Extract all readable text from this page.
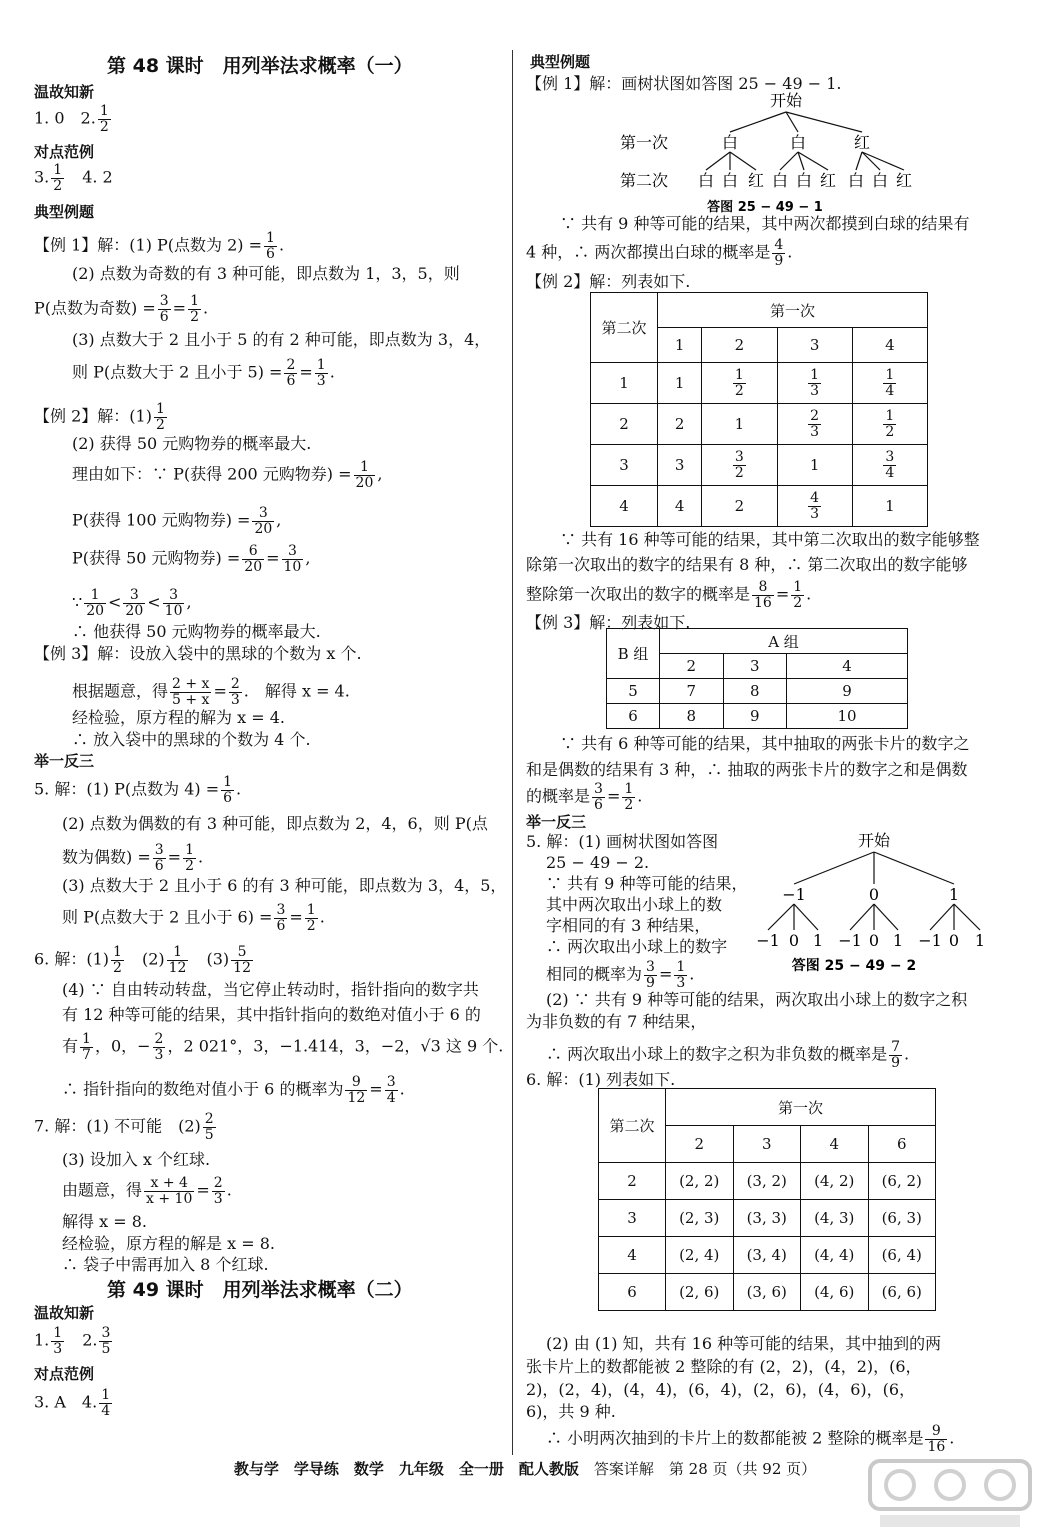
第 48 课时　用列举法求概率（一）
温故知新
1. 0　2. $\frac{1}{2}$
对点范例
3. $\frac{1}{2}$
　 4. 2
典型例题
【例 1】解：(1) P(点数为 $2) = \frac{1}{6}$ .
(2) 点数为奇数的有 3 种可能，即点数为 1，3，5，则
P(点数为奇数) = $\frac{3}{6} = \frac{1}{2}$ .
(3) 点数大于 2 且小于 5 的有 2 种可能，即点数为 3，4，
则 P(点数大于 2 且小于 $5) = \frac{2}{6} = \frac{1}{3}$ .
【例 2】解：$(1) \frac{1}{2}$
(2) 获得 50 元购物券的概率最大.
理由如下：∵ P(获得 200 元购物券) = $\frac{1}{20}$ ,
P(获得 100 元购物券) = $\frac{3}{20}$ ,
P(获得 50 元购物券) = $\frac{6}{20} = \frac{3}{10}$ ,
∵ $\frac{1}{20} < \frac{3}{20} < \frac{3}{10}$ ,
∴ 他获得 50 元购物券的概率最大.
【例 3】解：设放入袋中的黑球的个数为 x 个.
根据题意，得 $\frac{2 + x}{5 + x} = \frac{2}{3}$ .　解得 x = 4.
经检验，原方程的解为 x = 4.
∴ 放入袋中的黑球的个数为 4 个.
举一反三
5. 解：(1) P(点数为 $4) = \frac{1}{6}$ .
(2) 点数为偶数的有 3 种可能，即点数为 2，4，6，则 P(点
数为偶数) = $\frac{3}{6} = \frac{1}{2}$ .
(3) 点数大于 2 且小于 6 的有 3 种可能，即点数为 3，4，5，
则 P(点数大于 2 且小于 $6) = \frac{3}{6} = \frac{1}{2}$ .
6. 解：$(1) \frac{1}{2}$
　 $(2) \frac{1}{12}$
　 $(3) \frac{5}{12}$
(4) ∵ 自由转动转盘，当它停止转动时，指针指向的数字共
有 12 种等可能的结果，其中指针指向的数绝对值小于 6 的
有 $\frac{1}{7}$ ，0，− $\frac{2}{3}$ ，2 021°，3，−1.414，3，−2，√3 这 9 个.
∴ 指针指向的数绝对值小于 6 的概率为 $\frac{9}{12} = \frac{3}{4}$ .
7. 解：(1) 不可能　$(2) \frac{2}{5}$
(3) 设加入 x 个红球.
由题意，得 $\frac{x + 4}{x + 10} = \frac{2}{3}$ .
解得 x = 8.
经检验，原方程的解是 x = 8.
∴ 袋子中需再加入 8 个红球.
第 49 课时　用列举法求概率（二）
温故知新
1. $\frac{1}{3}$
　 2. $\frac{3}{5}$
对点范例
3. A　4. $\frac{1}{4}$
典型例题
【例 1】解：画树状图如答图 25 − 49 − 1.
开始
第一次
第二次
白
白 白 红
白
白 白 红
红
白 白 红
答图 25 − 49 − 1
∵ 共有 9 种等可能的结果，其中两次都摸到白球的结果有
4 种，∴ 两次都摸出白球的概率是 $\frac{4}{9}$ .
【例 2】解：列表如下.
第二次	第一次			
	1	2	3	4
1	1	$\frac{1}{2}$	$\frac{1}{3}$	$\frac{1}{4}$

2	2	1	$\frac{2}{3}$	$\frac{1}{2}$

3	3	$\frac{3}{2}$	1	$\frac{3}{4}$

4	4	2	$\frac{4}{3}$	1
∵ 共有 16 种等可能的结果，其中第二次取出的数字能够整
除第一次取出的数字的结果有 8 种，∴ 第二次取出的数字能够
整除第一次取出的数字的概率是 $\frac{8}{16} = \frac{1}{2}$ .
【例 3】解：列表如下.
B 组	A 组		
	2	3	4
5	7	8	9
6	8	9	10
∵ 共有 6 种等可能的结果，其中抽取的两张卡片的数字之
和是偶数的结果有 3 种，∴ 抽取的两张卡片的数字之和是偶数
的概率是 $\frac{3}{6} = \frac{1}{2}$ .
举一反三
5. 解：(1) 画树状图如答图
25 − 49 − 2.
∵ 共有 9 种等可能的结果，
其中两次取出小球上的数
字相同的有 3 种结果，
∴ 两次取出小球上的数字
相同的概率为 $\frac{3}{9} = \frac{1}{3}$ .
开始
−1
−1 0 1
0
−1 0 1
1
−1 0 1
答图 25 − 49 − 2
(2) ∵ 共有 9 种等可能的结果，两次取出小球上的数字之积
为非负数的有 7 种结果，
∴ 两次取出小球上的数字之积为非负数的概率是 $\frac{7}{9}$ .
6. 解：(1) 列表如下.
第二次	第一次			
	2	3	4	6
2	(2, 2)	(3, 2)	(4, 2)	(6, 2)
3	(2, 3)	(3, 3)	(4, 3)	(6, 3)
4	(2, 4)	(3, 4)	(4, 4)	(6, 4)
6	(2, 6)	(3, 6)	(4, 6)	(6, 6)
(2) 由 (1) 知，共有 16 种等可能的结果，其中抽到的两
张卡片上的数都能被 2 整除的有 (2，2)，(4，2)，(6，
2)，(2，4)，(4，4)，(6，4)，(2，6)，(4，6)，(6，
6)，共 9 种.
∴ 小明两次抽到的卡片上的数都能被 2 整除的概率是 $\frac{9}{16}$ .
教与学　学导练　数学　九年级　全一册　配人教版　 答案详解　第 28 页（共 92 页）
